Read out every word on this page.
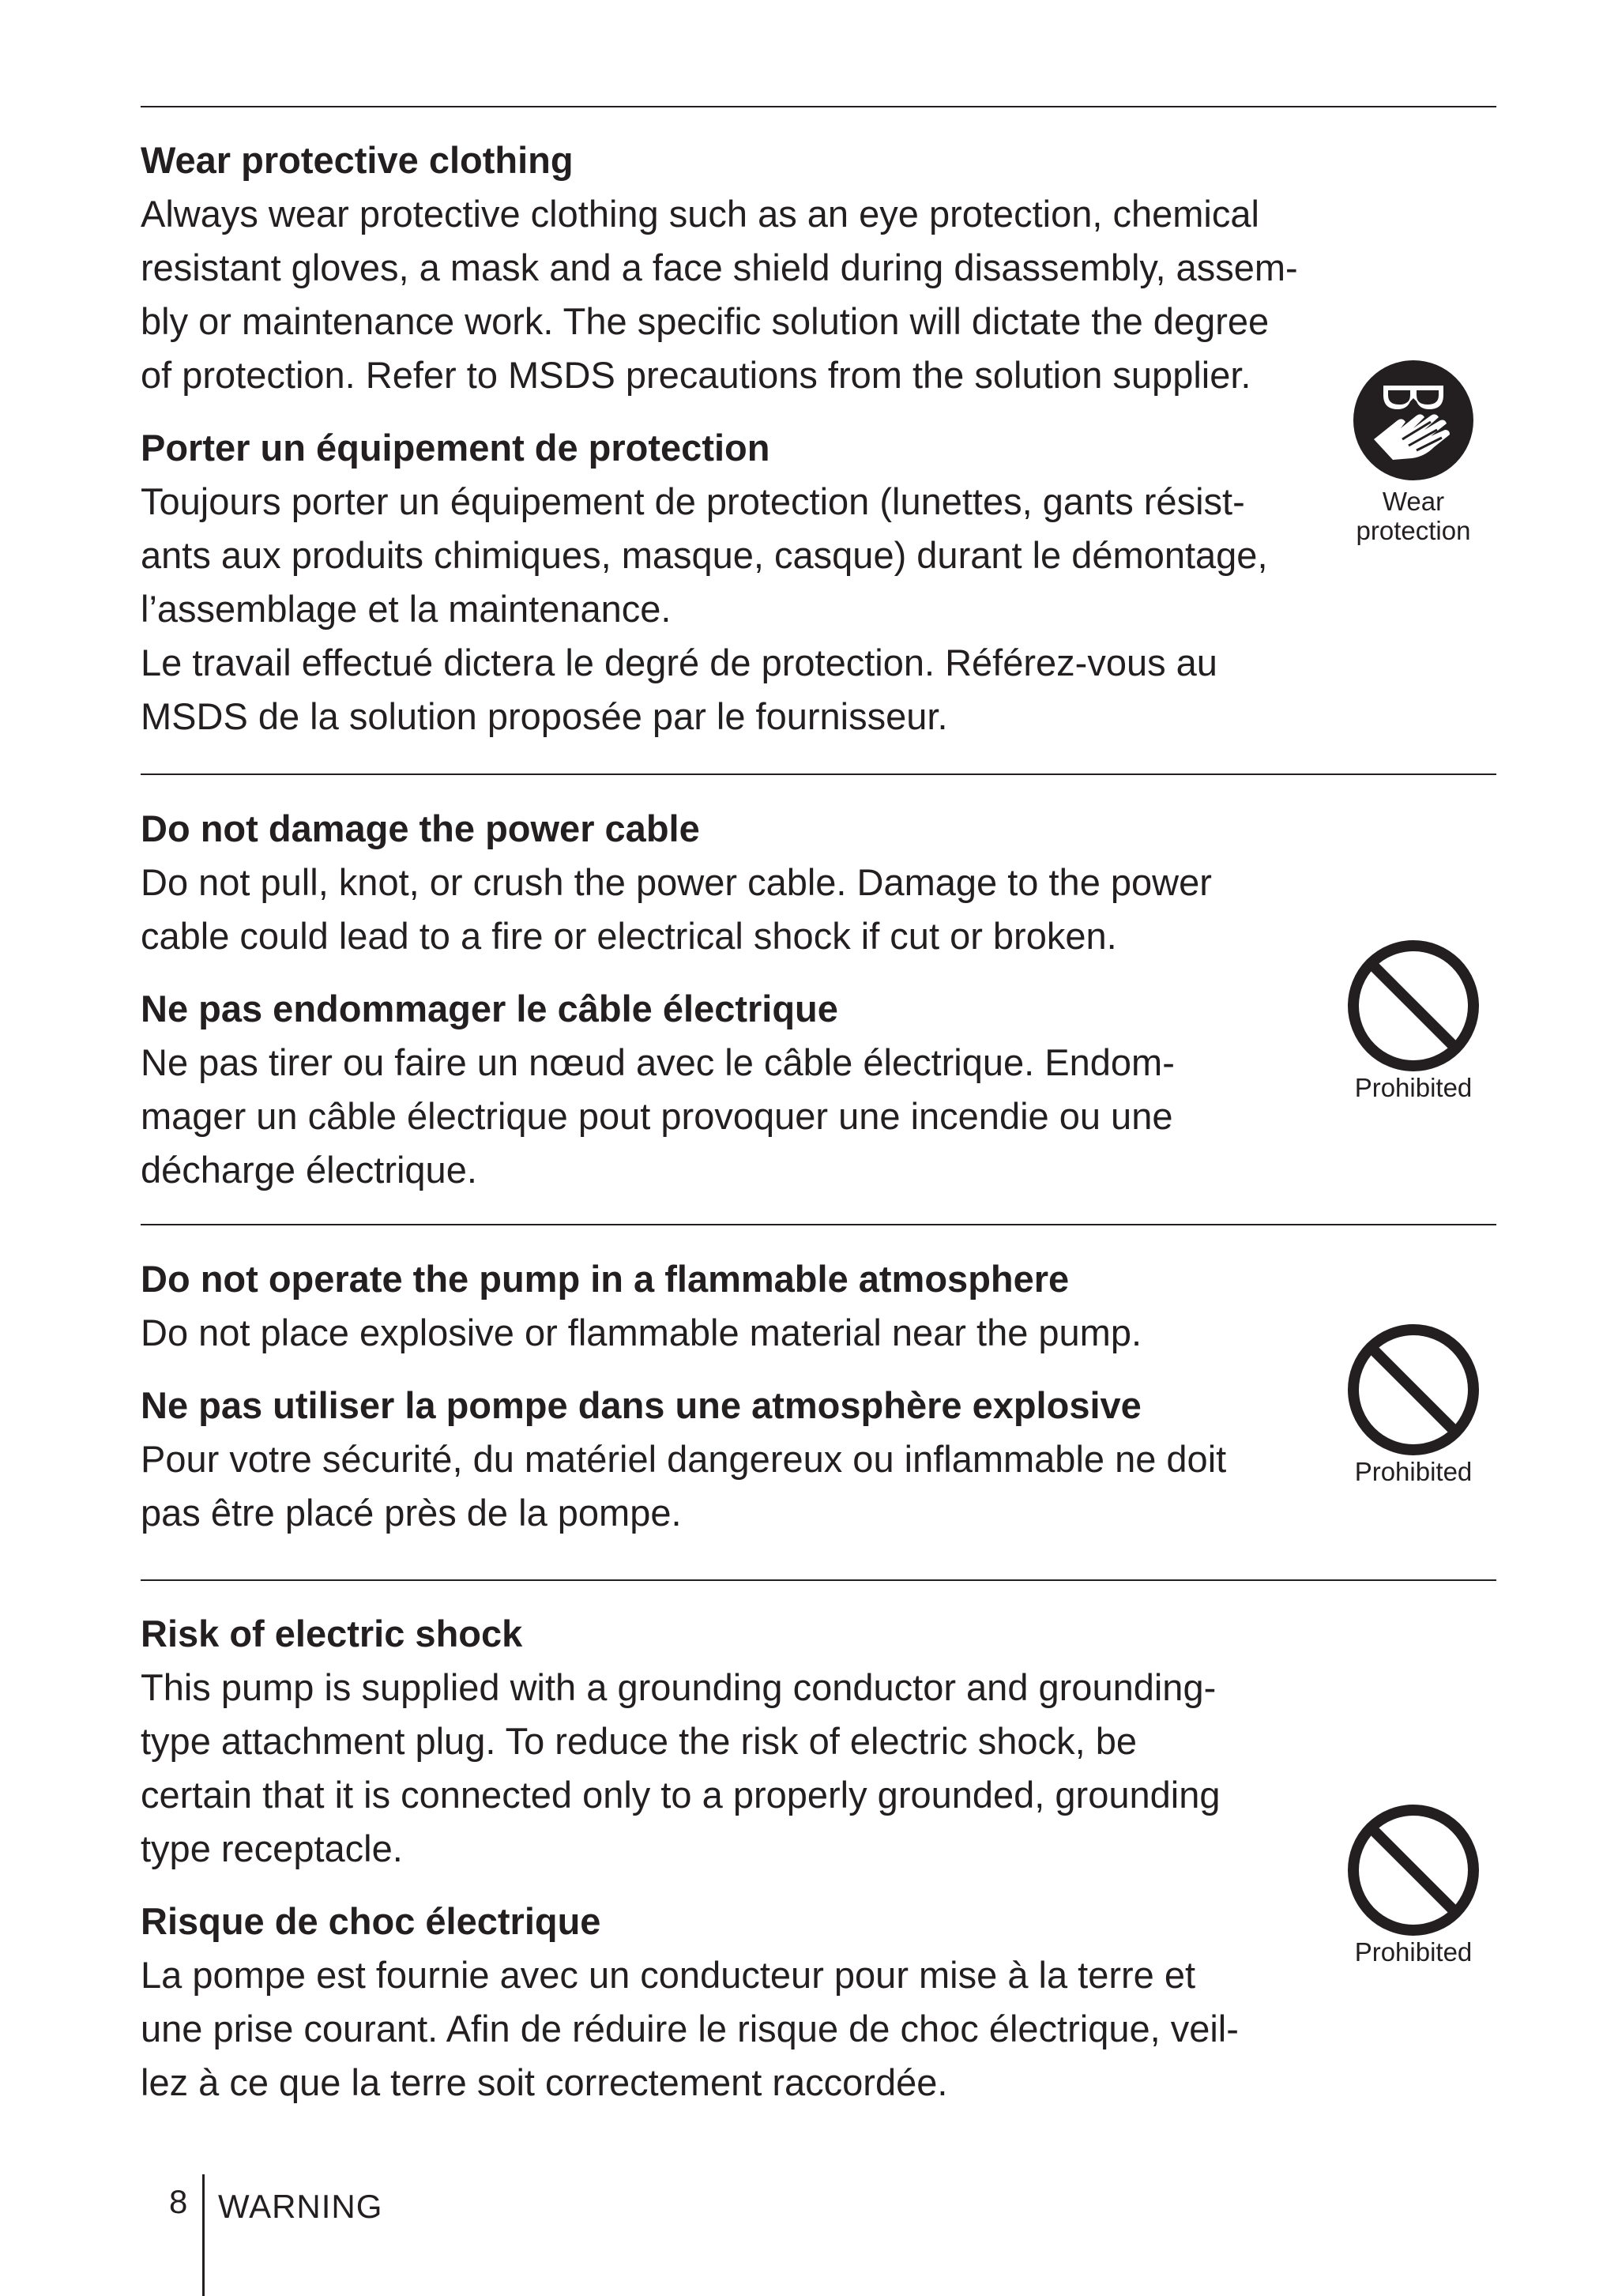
Wear protective clothing
Always wear protective clothing such as an eye protection, chemical
resistant gloves, a mask and a face shield during disassembly, assem-
bly or maintenance work. The specific solution will dictate the degree
of protection. Refer to MSDS precautions from the solution supplier.
Porter un équipement de protection
Toujours porter un équipement de protection (lunettes, gants résist-
ants aux produits chimiques, masque, casque) durant le démontage,
l’assemblage et la maintenance.
Le travail effectué dictera le degré de protection. Référez-vous au
MSDS de la solution proposée par le fournisseur.
Wear
protection
Do not damage the power cable
Do not pull, knot, or crush the power cable. Damage to the power
cable could lead to a fire or electrical shock if cut or broken.
Ne pas endommager le câble électrique
Ne pas tirer ou faire un nœud avec le câble électrique. Endom-
mager un câble électrique pout provoquer une incendie ou une
décharge électrique.
Prohibited
Do not operate the pump in a flammable atmosphere
Do not place explosive or flammable material near the pump.
Ne pas utiliser la pompe dans une atmosphère explosive
Pour votre sécurité, du matériel dangereux ou inflammable ne doit
pas être placé près de la pompe.
Prohibited
Risk of electric shock
This pump is supplied with a grounding conductor and grounding-
type attachment plug. To reduce the risk of electric shock, be
certain that it is connected only to a properly grounded, grounding
type receptacle.
Risque de choc électrique
La pompe est fournie avec un conducteur pour mise à la terre et
une prise courant. Afin de réduire le risque de choc électrique, veil-
lez à ce que la terre soit correctement raccordée.
Prohibited
8 WARNING
